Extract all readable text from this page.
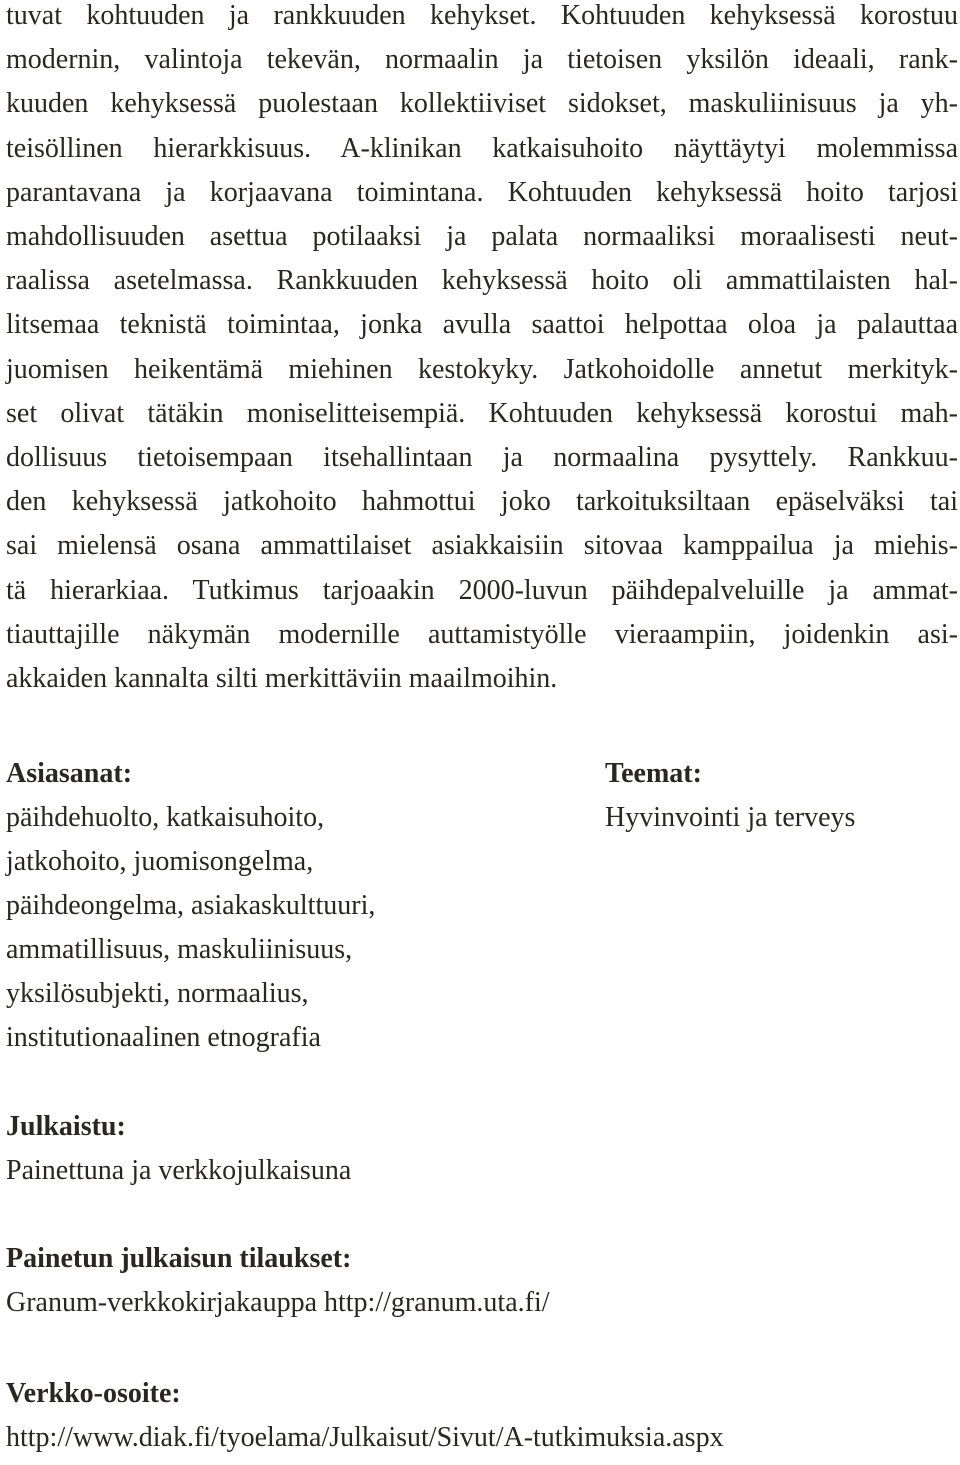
tuvat kohtuuden ja rankkuuden kehykset. Kohtuuden kehyksessä korostuu
modernin, valintoja tekevän, normaalin ja tietoisen yksilön ideaali, rank-
kuuden kehyksessä puolestaan kollektiiviset sidokset, maskuliinisuus ja yh-
teisöllinen hierarkkisuus. A-klinikan katkaisuhoito näyttäytyi molemmissa
parantavana ja korjaavana toimintana. Kohtuuden kehyksessä hoito tarjosi
mahdollisuuden asettua potilaaksi ja palata normaaliksi moraalisesti neut-
raalissa asetelmassa. Rankkuuden kehyksessä hoito oli ammattilaisten hal-
litsemaa teknistä toimintaa, jonka avulla saattoi helpottaa oloa ja palauttaa
juomisen heikentämä miehinen kestokyky. Jatkohoidolle annetut merkityk-
set olivat tätäkin moniselitteisempiä. Kohtuuden kehyksessä korostui mah-
dollisuus tietoisempaan itsehallintaan ja normaalina pysyttely. Rankkuu-
den kehyksessä jatkohoito hahmottui joko tarkoituksiltaan epäselväksi tai
sai mielensä osana ammattilaiset asiakkaisiin sitovaa kamppailua ja miehis-
tä hierarkiaa. Tutkimus tarjoaakin 2000-luvun päihdepalveluille ja ammat-
tiauttajille näkymän modernille auttamistyölle vieraampiin, joidenkin asi-
akkaiden kannalta silti merkittäviin maailmoihin.
Asiasanat:
päihdehuolto, katkaisuhoito,
jatkohoito, juomisongelma,
päihdeongelma, asiakaskulttuuri,
ammatillisuus, maskuliinisuus,
yksilösubjekti, normaalius,
institutionaalinen etnografia
Teemat:
Hyvinvointi ja terveys
Julkaistu:
Painettuna ja verkkojulkaisuna
Painetun julkaisun tilaukset:
Granum-verkkokirjakauppa http://granum.uta.fi/
Verkko-osoite:
http://www.diak.fi/tyoelama/Julkaisut/Sivut/A-tutkimuksia.aspx
